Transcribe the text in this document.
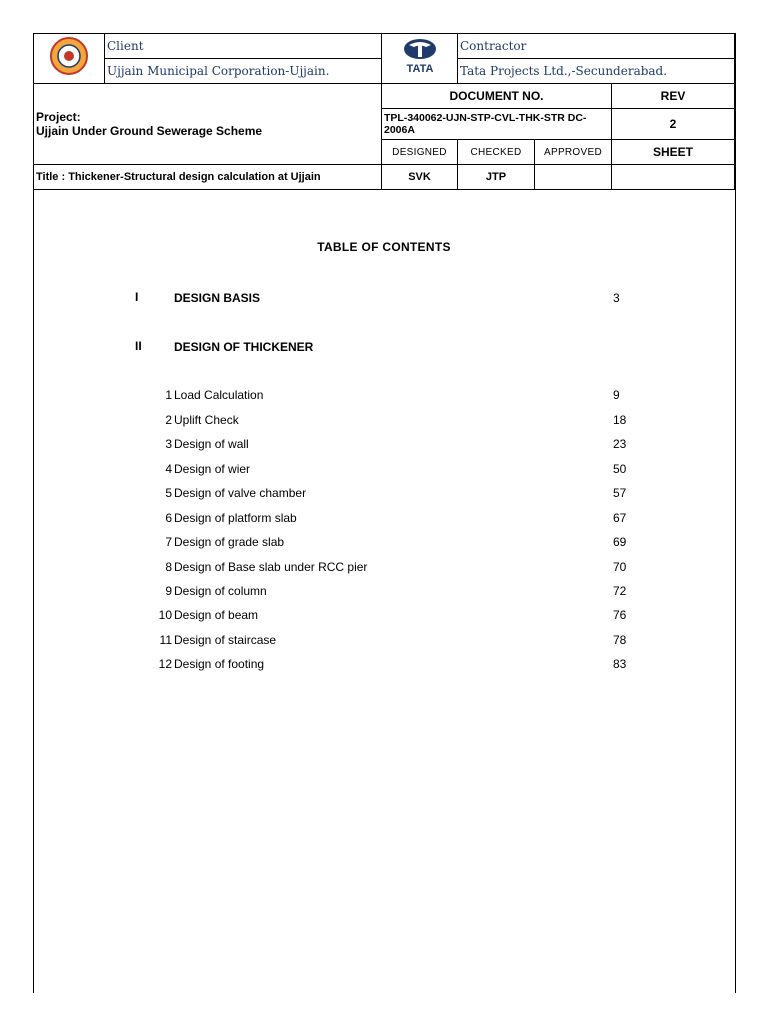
	Client	TATA	Contractor		
	Ujjain Municipal Corporation-Ujjain.		Tata Projects Ltd.,-Secunderabad.		

Project:
Ujjain Under Ground Sewerage Scheme		DOCUMENT NO.			REV
		TPL-340062-UJN-STP-CVL-THK-STR DC-2006A			2
		DESIGNED	CHECKED	APPROVED	SHEET
Title : Thickener-Structural design calculation at Ujjain		SVK	JTP		
TABLE OF CONTENTS
I	DESIGN BASIS	3
II	DESIGN OF THICKENER
1 Load Calculation	9
2 Uplift Check	18
3 Design of wall	23
4 Design of wier	50
5 Design of valve chamber	57
6 Design of platform slab	67
7 Design of grade slab	69
8 Design of Base slab under RCC pier	70
9 Design of column	72
10 Design of beam	76
11 Design of staircase	78
12 Design of footing	83
